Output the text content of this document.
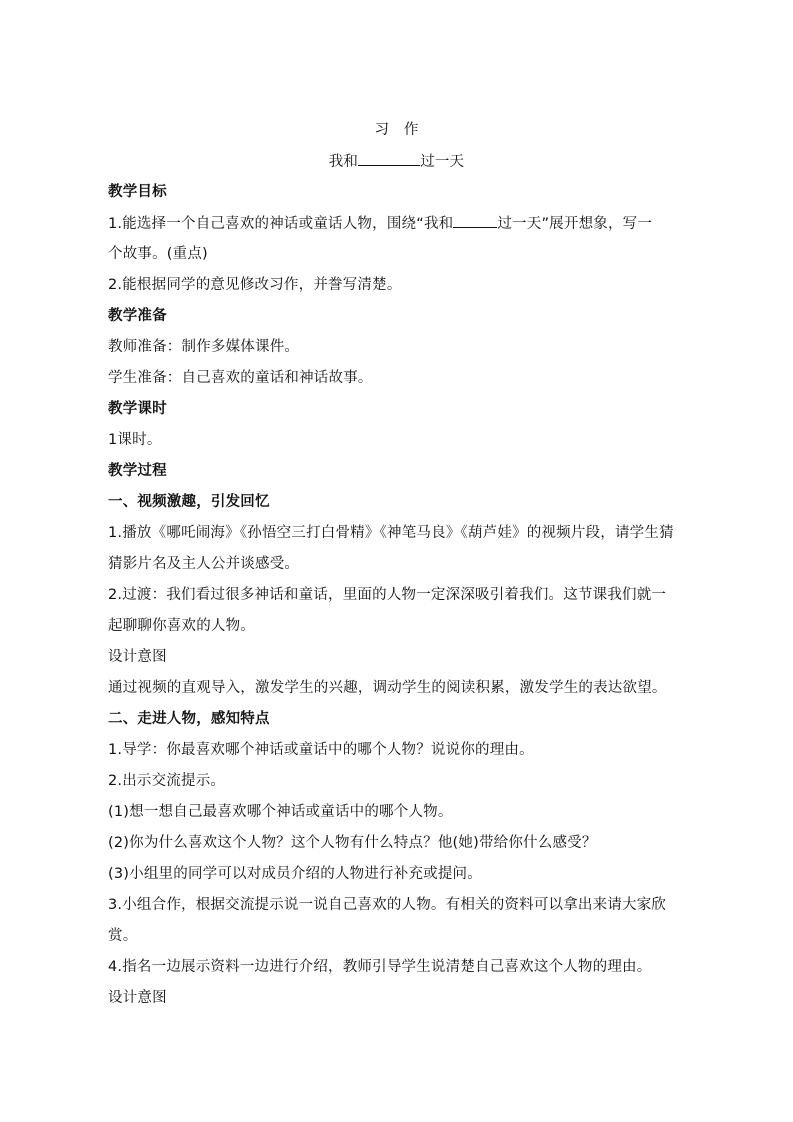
习　作
我和	过一天
教学目标
1.能选择一个自己喜欢的神话或童话人物，围绕“我和	过一天”展开想象，写一
个故事。(重点)
2.能根据同学的意见修改习作，并誊写清楚。
教学准备
教师准备：制作多媒体课件。
学生准备：自己喜欢的童话和神话故事。
教学课时
1课时。
教学过程
一、视频激趣，引发回忆
1.播放《哪吒闹海》《孙悟空三打白骨精》《神笔马良》《葫芦娃》的视频片段，请学生猜
猜影片名及主人公并谈感受。
2.过渡：我们看过很多神话和童话，里面的人物一定深深吸引着我们。这节课我们就一
起聊聊你喜欢的人物。
设计意图
通过视频的直观导入，激发学生的兴趣，调动学生的阅读积累，激发学生的表达欲望。
二、走进人物，感知特点
1.导学：你最喜欢哪个神话或童话中的哪个人物？说说你的理由。
2.出示交流提示。
(1)想一想自己最喜欢哪个神话或童话中的哪个人物。
(2)你为什么喜欢这个人物？这个人物有什么特点？他(她)带给你什么感受？
(3)小组里的同学可以对成员介绍的人物进行补充或提问。
3.小组合作，根据交流提示说一说自己喜欢的人物。有相关的资料可以拿出来请大家欣
赏。
4.指名一边展示资料一边进行介绍，教师引导学生说清楚自己喜欢这个人物的理由。
设计意图
